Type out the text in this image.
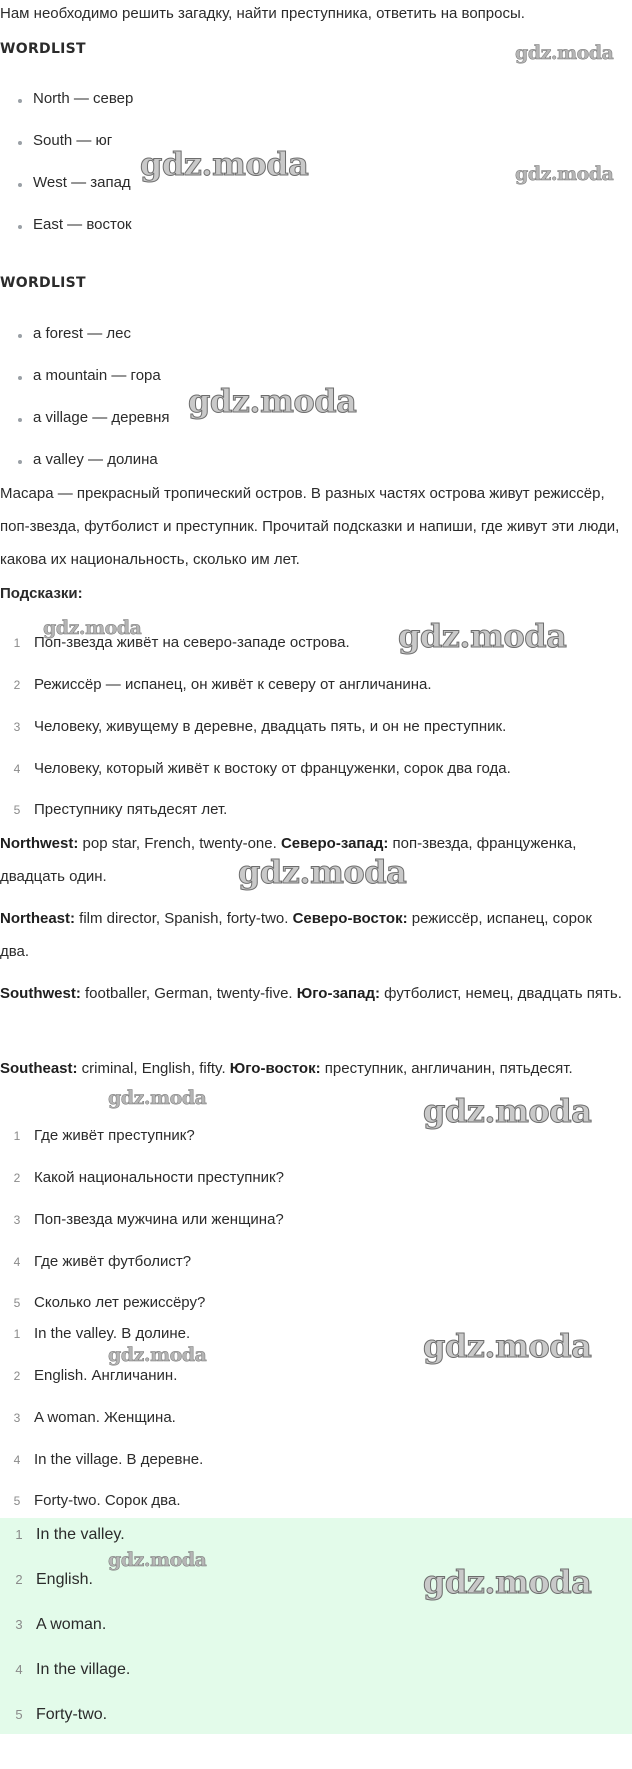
Нам необходимо решить загадку, найти преступника, ответить на вопросы.
WORDLIST
North — север
South — юг
West — запад
East — восток
WORDLIST
a forest — лес
a mountain — гора
a village — деревня
a valley — долина
Масара — прекрасный тропический остров. В разных частях острова живут режиссёр, поп-звезда, футболист и преступник. Прочитай подсказки и напиши, где живут эти люди, какова их национальность, сколько им лет.
Подсказки:
1 Поп-звезда живёт на северо-западе острова.
2 Режиссёр — испанец, он живёт к северу от англичанина.
3 Человеку, живущему в деревне, двадцать пять, и он не преступник.
4 Человеку, который живёт к востоку от француженки, сорок два года.
5 Преступнику пятьдесят лет.
Northwest: pop star, French, twenty-one. Северо-запад: поп-звезда, француженка, двадцать один.
Northeast: film director, Spanish, forty-two. Северо-восток: режиссёр, испанец, сорок два.
Southwest: footballer, German, twenty-five. Юго-запад: футболист, немец, двадцать пять.
Southeast: criminal, English, fifty. Юго-восток: преступник, англичанин, пятьдесят.
1 Где живёт преступник?
2 Какой национальности преступник?
3 Поп-звезда мужчина или женщина?
4 Где живёт футболист?
5 Сколько лет режиссёру?
1 In the valley. В долине.
2 English. Англичанин.
3 A woman. Женщина.
4 In the village. В деревне.
5 Forty-two. Сорок два.
1 In the valley.
2 English.
3 A woman.
4 In the village.
5 Forty-two.
gdz.moda
gdz.moda	gdz.moda
gdz.moda
gdz.moda	gdz.moda
gdz.moda
gdz.moda	gdz.moda
gdz.moda
gdz.moda
gdz.moda
gdz.moda
